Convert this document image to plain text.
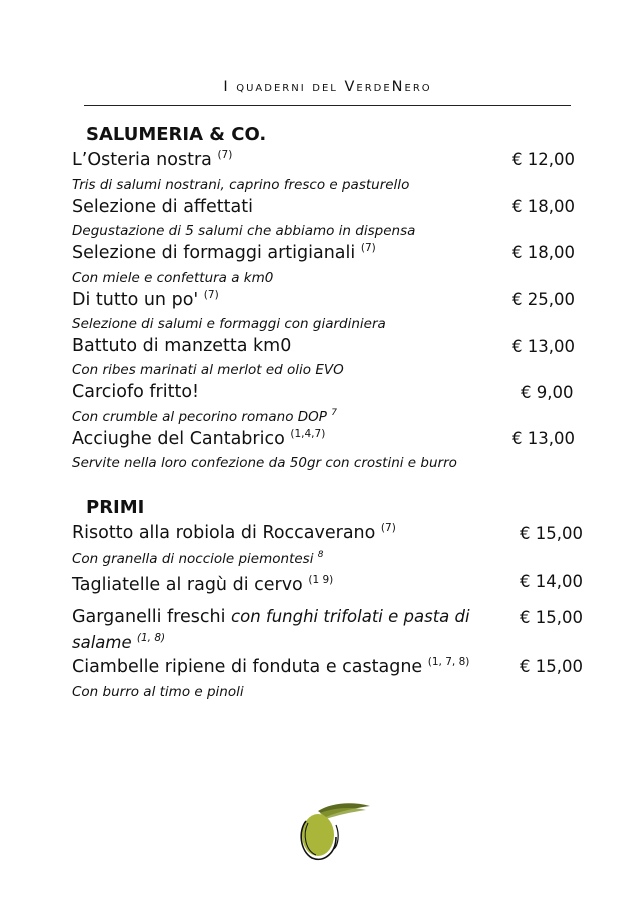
I quaderni del VerdeNero
SALUMERIA & CO.
L’Osteria nostra $^{(7)}$	€ 12,00
Tris di salumi nostrani, caprino fresco e pasturello
Selezione di affettati	€ 18,00
Degustazione di 5 salumi che abbiamo in dispensa
Selezione di formaggi artigianali $^{(7)}$	€ 18,00
Con miele e confettura a km0
Di tutto un po' $^{(7)}$	€ 25,00
Selezione di salumi e formaggi con giardiniera
Battuto di manzetta km0	€ 13,00
Con ribes marinati al merlot ed olio EVO
Carciofo fritto!	€ 9,00
Con crumble al pecorino romano DOP $^7$
Acciughe del Cantabrico $^{(1,4,7)}$	€ 13,00
Servite nella loro confezione da 50gr con crostini e burro
PRIMI
Risotto alla robiola di Roccaverano $^{(7)}$	€ 15,00
Con granella di nocciole piemontesi $^8$
Tagliatelle al ragù di cervo $^{(1 9)}$	€ 14,00
Garganelli freschi con funghi trifolati e pasta di	€ 15,00
salame $^{(1, 8)}$
Ciambelle ripiene di fonduta e castagne $^{(1, 7, 8)}$	€ 15,00
Con burro al timo e pinoli
